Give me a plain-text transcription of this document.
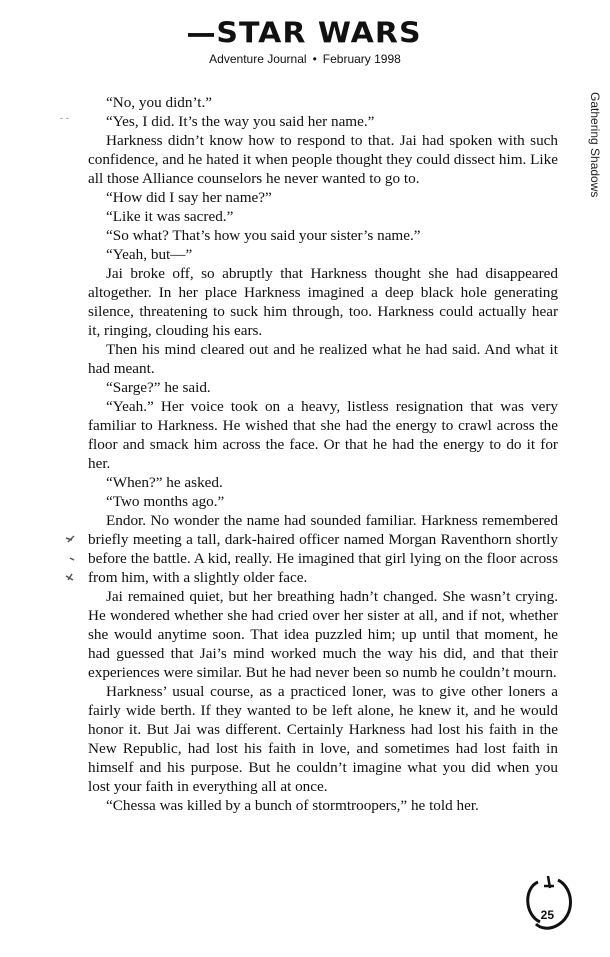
STAR WARS
Adventure Journal • February 1998
Gathering Shadows
- -

“No, you didn’t.”

“Yes, I did. It’s the way you said her name.”

Harkness didn’t know how to respond to that. Jai had spoken with such confidence, and he hated it when people thought they could dissect him. Like all those Alliance counselors he never wanted to go to.

“How did I say her name?”

“Like it was sacred.”

“So what? That’s how you said your sister’s name.”

“Yeah, but—”

Jai broke off, so abruptly that Harkness thought she had disappeared altogether. In her place Harkness imagined a deep black hole generating silence, threatening to suck him through, too. Harkness could actually hear it, ringing, clouding his ears.

Then his mind cleared out and he realized what he had said. And what it had meant.

“Sarge?” he said.

“Yeah.” Her voice took on a heavy, listless resignation that was very familiar to Harkness. He wished that she had the energy to crawl across the floor and smack him across the face. Or that he had the energy to do it for her.

“When?” he asked.

“Two months ago.”

Endor. No wonder the name had sounded familiar. Harkness remembered briefly meeting a tall, dark-haired officer named Morgan Raventhorn shortly before the battle. A kid, really. He imagined that girl lying on the floor across from him, with a slightly older face.

Jai remained quiet, but her breathing hadn’t changed. She wasn’t crying. He wondered whether she had cried over her sister at all, and if not, whether she would anytime soon. That idea puzzled him; up until that moment, he had guessed that Jai’s mind worked much the way his did, and that their experiences were similar. But he had never been so numb he couldn’t mourn.

Harkness’ usual course, as a practiced loner, was to give other loners a fairly wide berth. If they wanted to be left alone, he knew it, and he would honor it. But Jai was different. Certainly Harkness had lost his faith in the New Republic, had lost his faith in love, and sometimes had lost faith in himself and his purpose. But he couldn’t imagine what you did when you lost your faith in everything all at once.

“Chessa was killed by a bunch of stormtroopers,” he told her.

25
